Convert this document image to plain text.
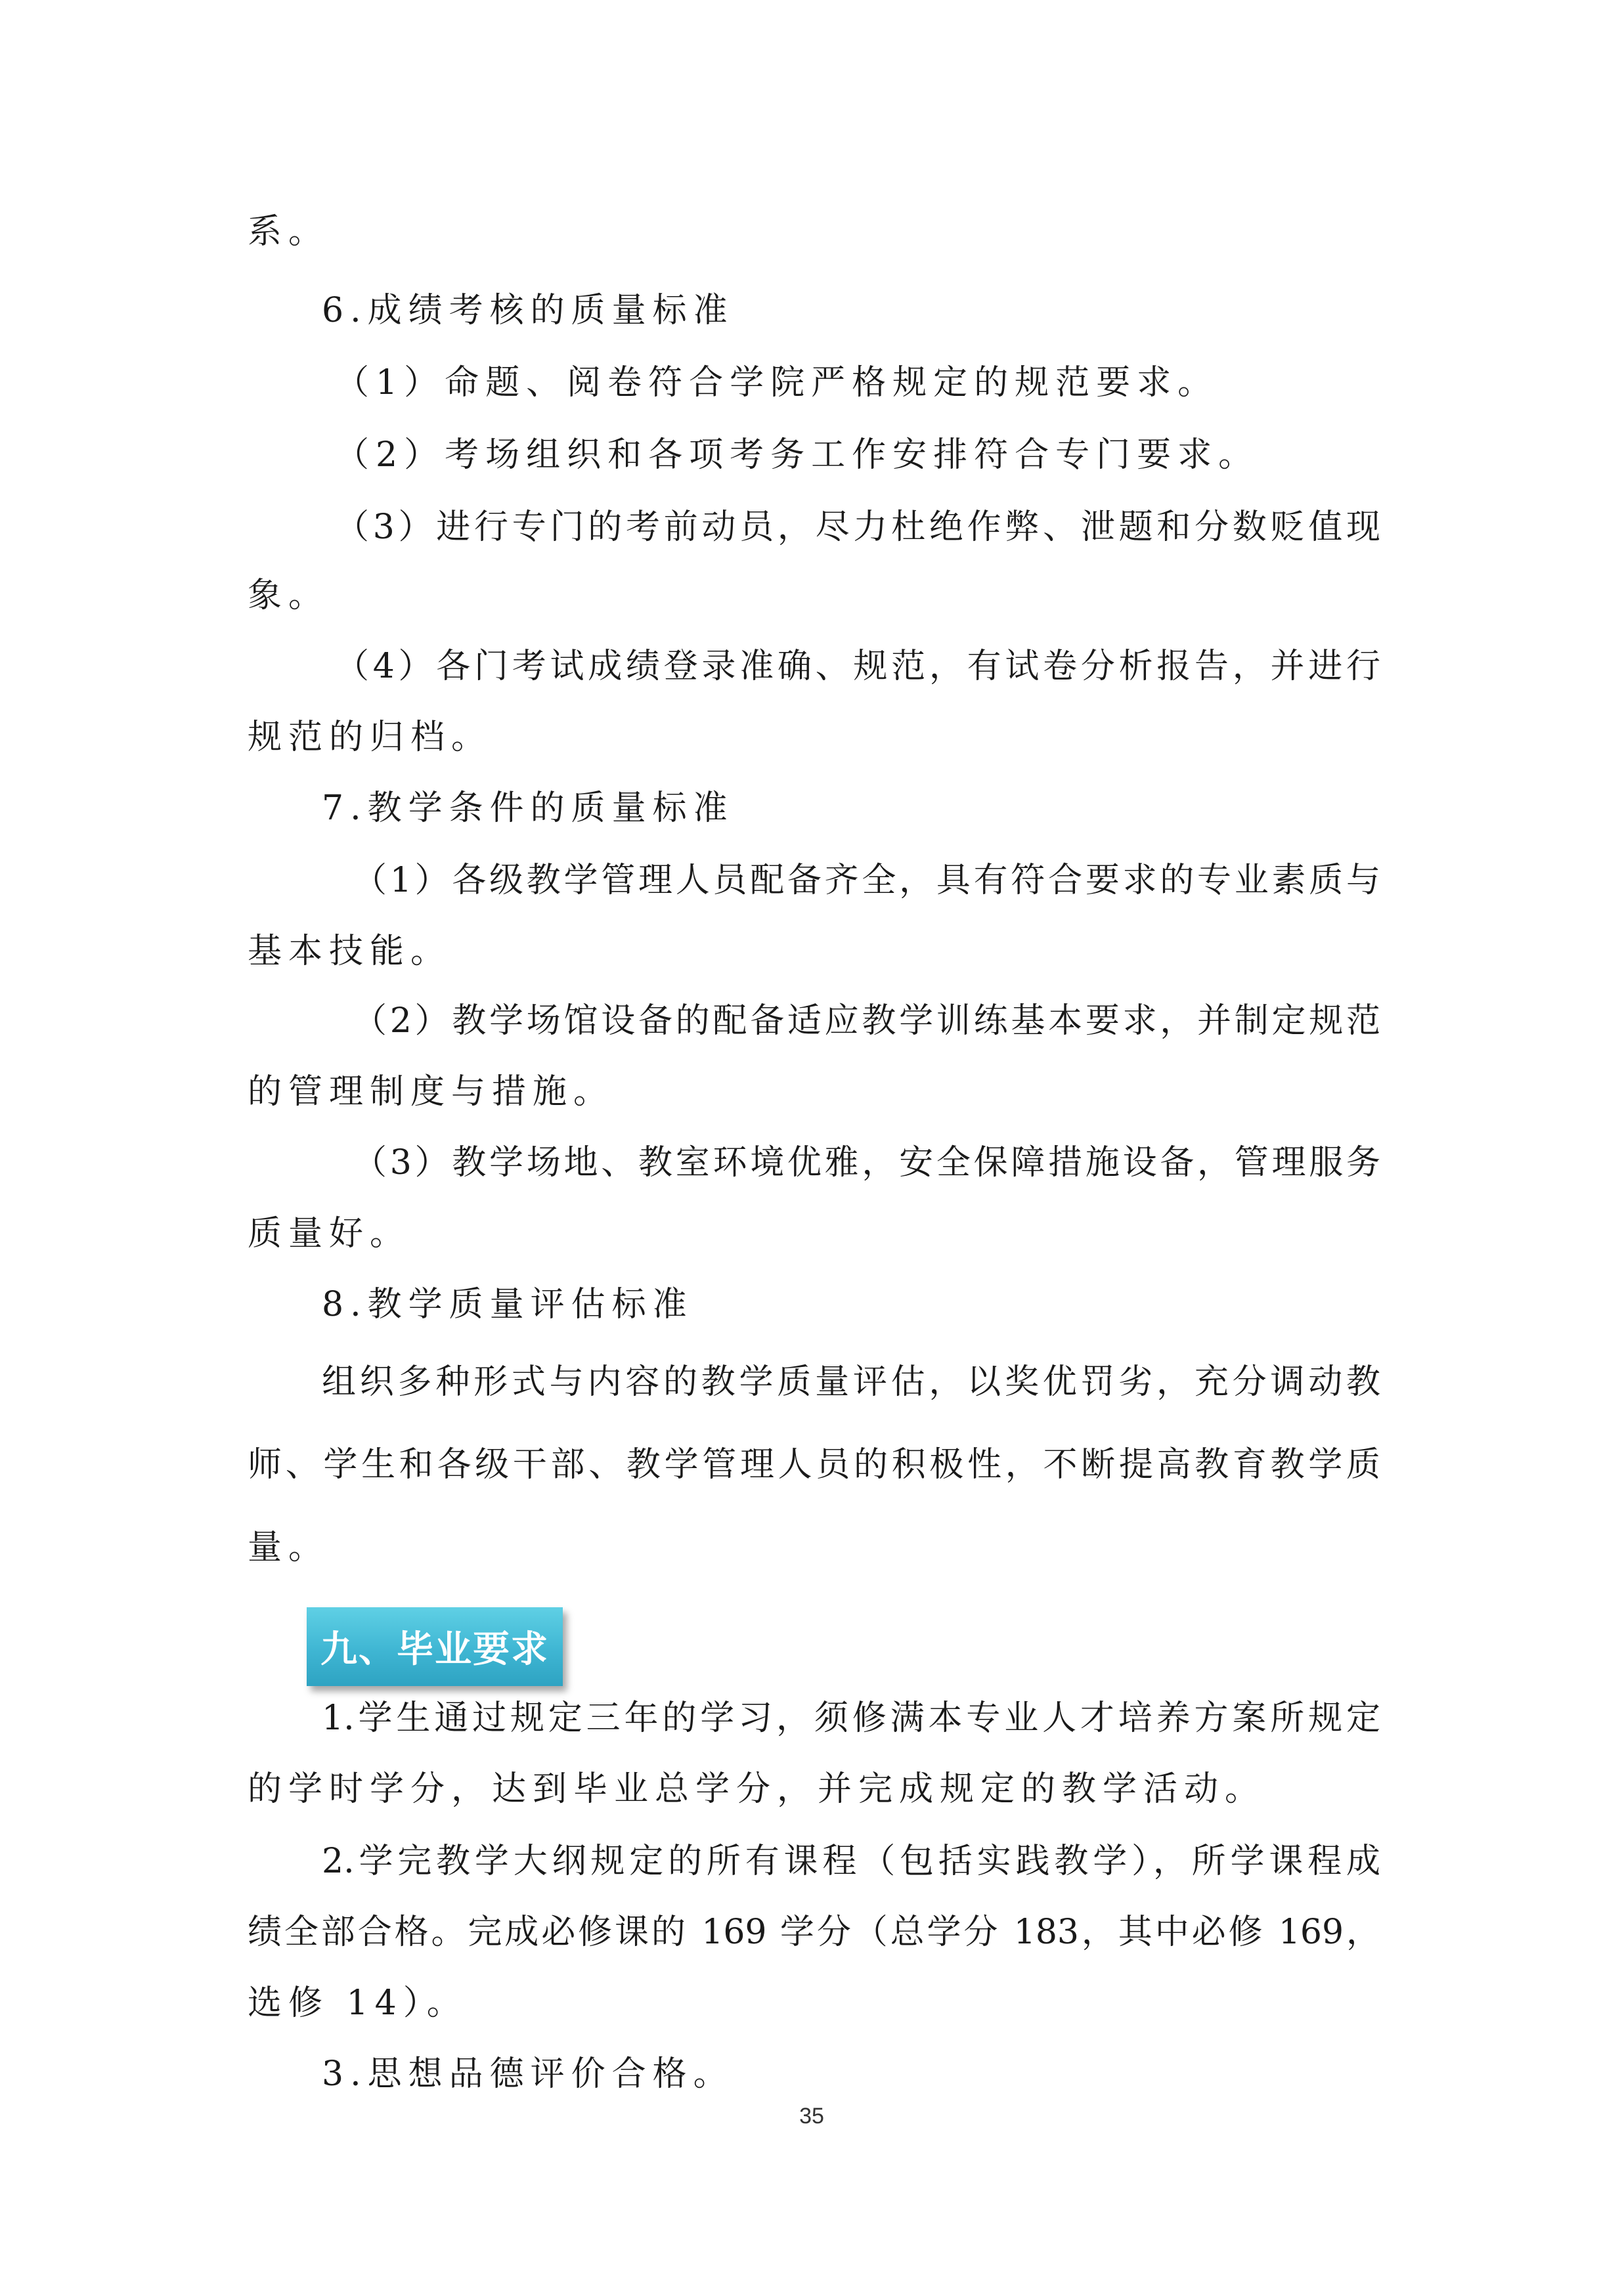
系。
6.成绩考核的质量标准
（1）命题、阅卷符合学院严格规定的规范要求。
（2）考场组织和各项考务工作安排符合专门要求。
（3）进行专门的考前动员，尽力杜绝作弊、泄题和分数贬值现
象。
（4）各门考试成绩登录准确、规范，有试卷分析报告，并进行
规范的归档。
7.教学条件的质量标准
（1）各级教学管理人员配备齐全，具有符合要求的专业素质与
基本技能。
（2）教学场馆设备的配备适应教学训练基本要求，并制定规范
的管理制度与措施。
（3）教学场地、教室环境优雅，安全保障措施设备，管理服务
质量好。
8.教学质量评估标准
组织多种形式与内容的教学质量评估，以奖优罚劣，充分调动教
师、学生和各级干部、教学管理人员的积极性，不断提高教育教学质
量。
九、毕业要求
1.学生通过规定三年的学习，须修满本专业人才培养方案所规定
的学时学分，达到毕业总学分，并完成规定的教学活动。
2.学完教学大纲规定的所有课程（包括实践教学），所学课程成
绩全部合格。完成必修课的 169 学分（总学分 183，其中必修 169，
选修 14）。
3.思想品德评价合格。
35
